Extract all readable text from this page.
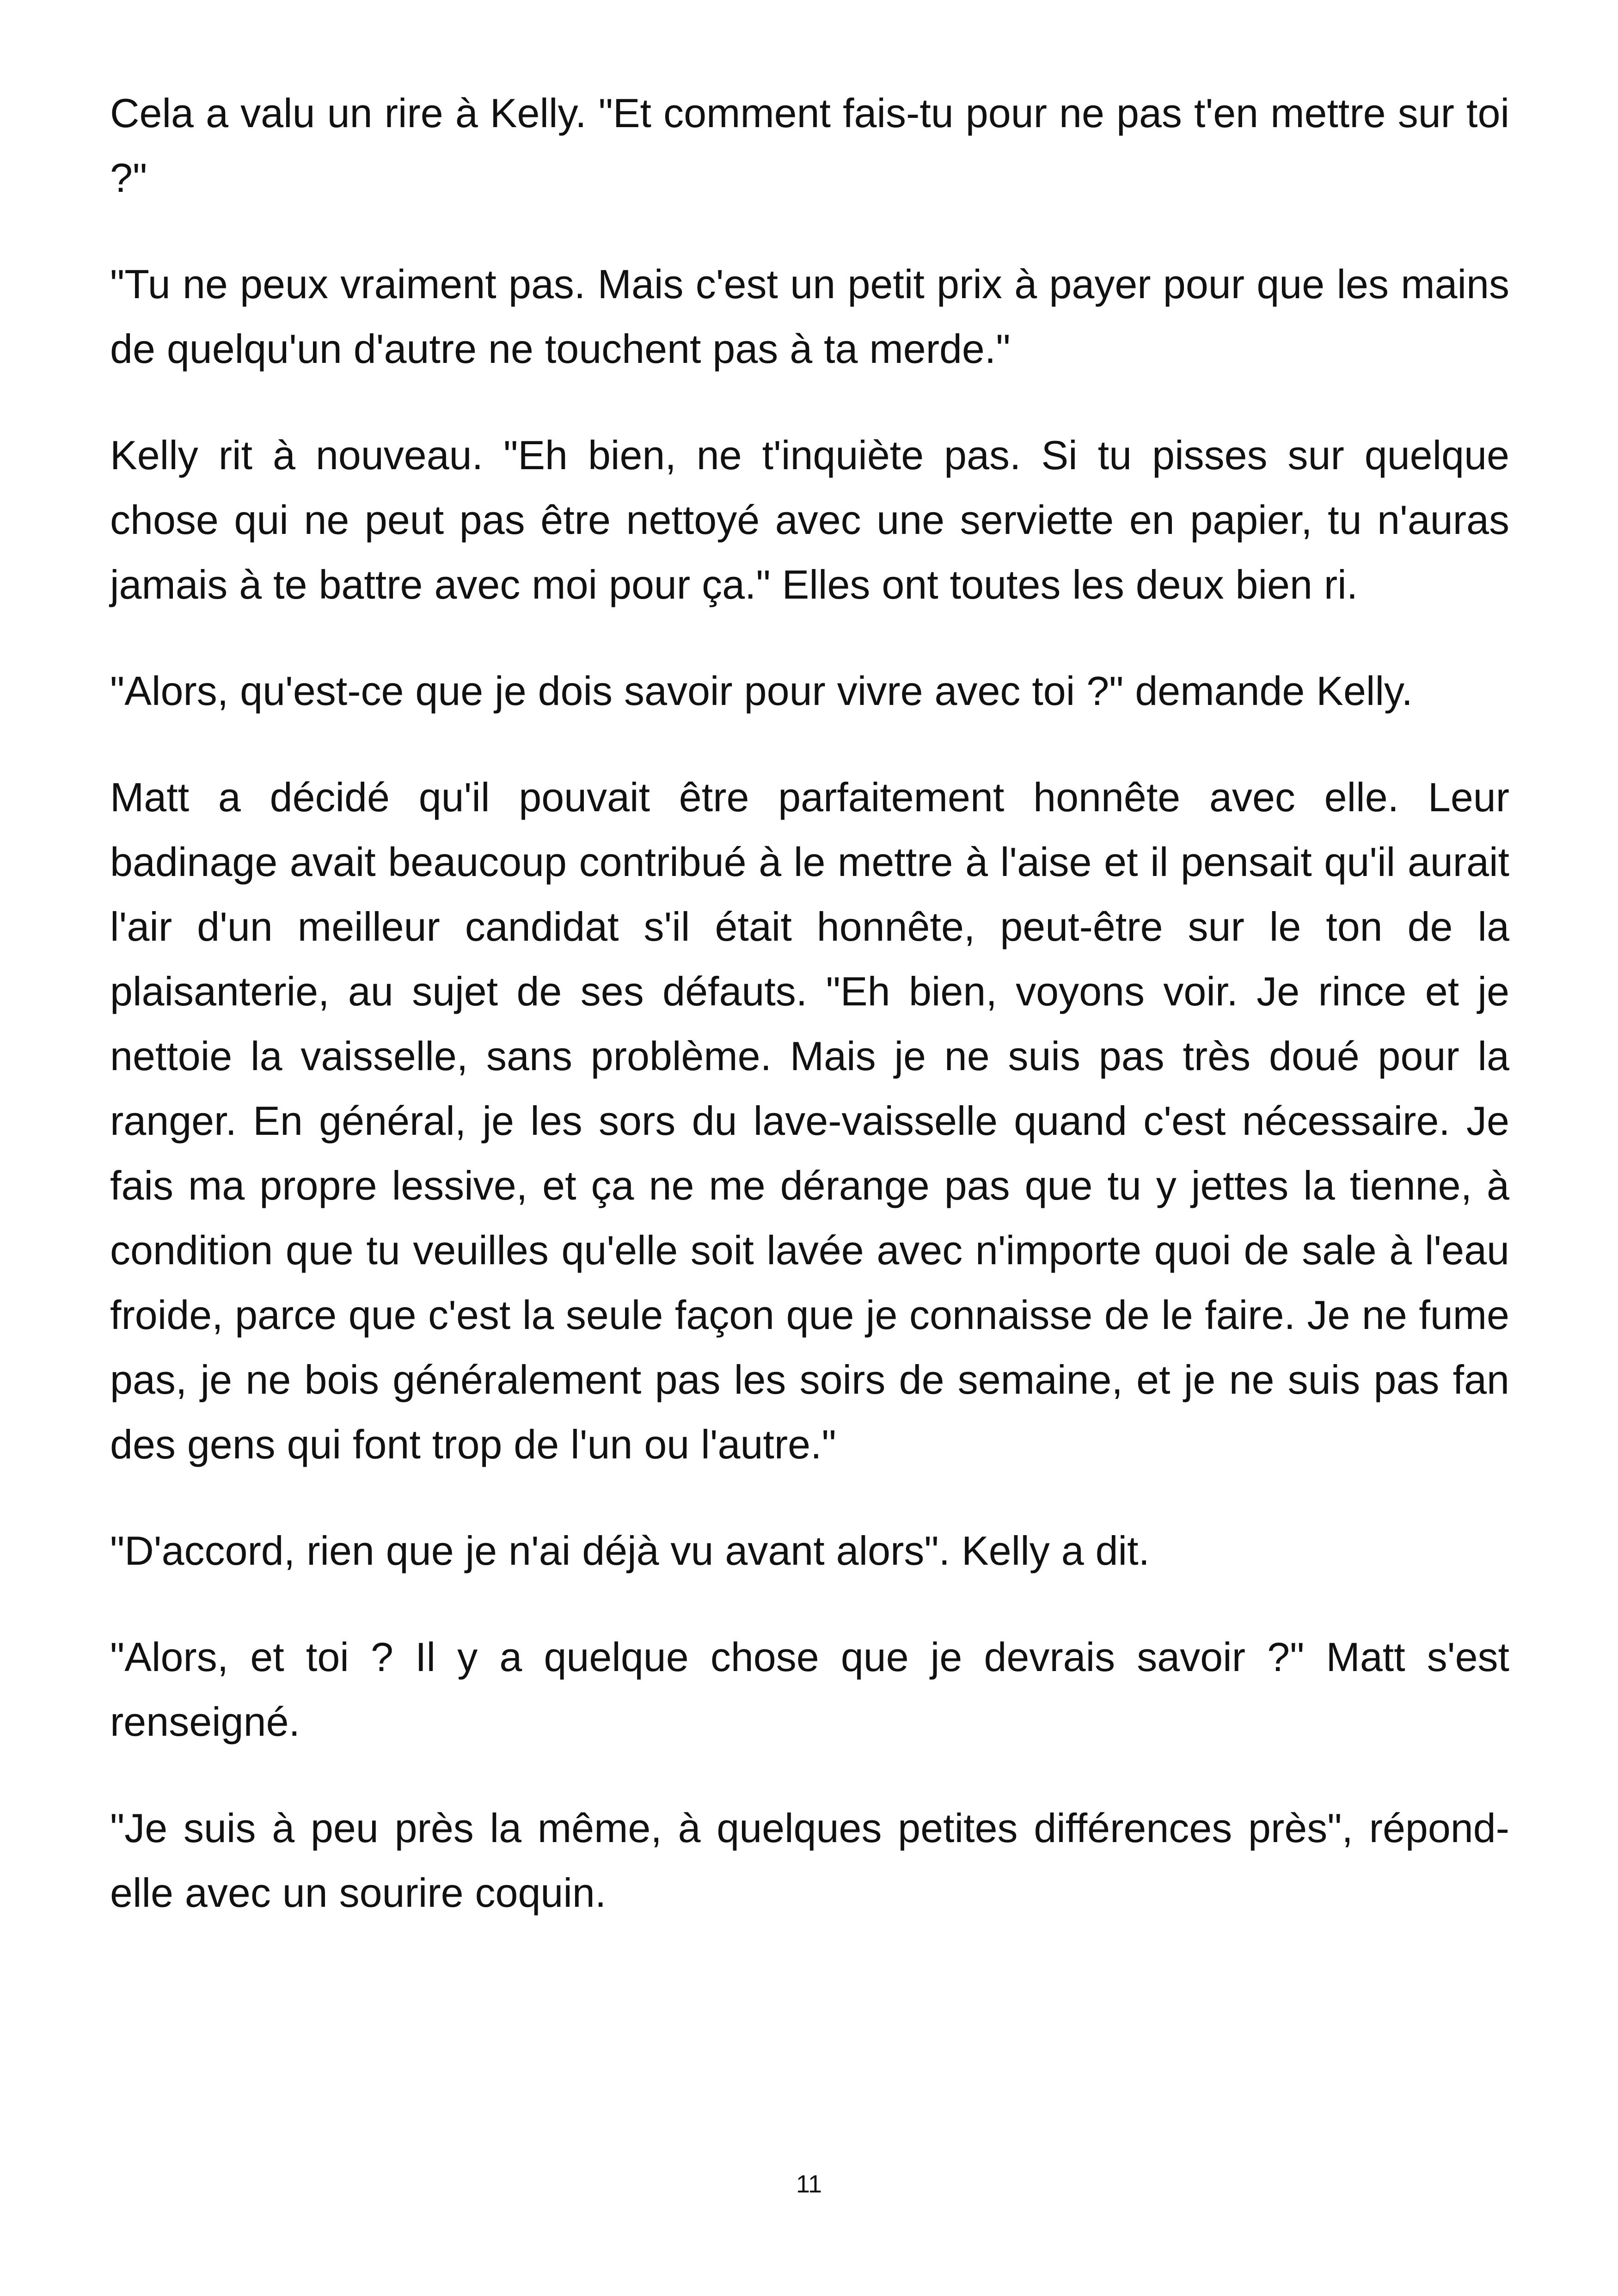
Cela a valu un rire à Kelly. "Et comment fais-tu pour ne pas t'en mettre sur toi ?"

"Tu ne peux vraiment pas. Mais c'est un petit prix à payer pour que les mains de quelqu'un d'autre ne touchent pas à ta merde."

Kelly rit à nouveau. "Eh bien, ne t'inquiète pas. Si tu pisses sur quelque chose qui ne peut pas être nettoyé avec une serviette en papier, tu n'auras jamais à te battre avec moi pour ça." Elles ont toutes les deux bien ri.

"Alors, qu'est-ce que je dois savoir pour vivre avec toi ?" demande Kelly.

Matt a décidé qu'il pouvait être parfaitement honnête avec elle. Leur badinage avait beaucoup contribué à le mettre à l'aise et il pensait qu'il aurait l'air d'un meilleur candidat s'il était honnête, peut-être sur le ton de la plaisanterie, au sujet de ses défauts. "Eh bien, voyons voir. Je rince et je nettoie la vaisselle, sans problème. Mais je ne suis pas très doué pour la ranger. En général, je les sors du lave-vaisselle quand c'est nécessaire. Je fais ma propre lessive, et ça ne me dérange pas que tu y jettes la tienne, à condition que tu veuilles qu'elle soit lavée avec n'importe quoi de sale à l'eau froide, parce que c'est la seule façon que je connaisse de le faire. Je ne fume pas, je ne bois généralement pas les soirs de semaine, et je ne suis pas fan des gens qui font trop de l'un ou l'autre."

"D'accord, rien que je n'ai déjà vu avant alors". Kelly a dit.

"Alors, et toi ? Il y a quelque chose que je devrais savoir ?" Matt s'est renseigné.

"Je suis à peu près la même, à quelques petites différences près", répond-elle avec un sourire coquin.

11
